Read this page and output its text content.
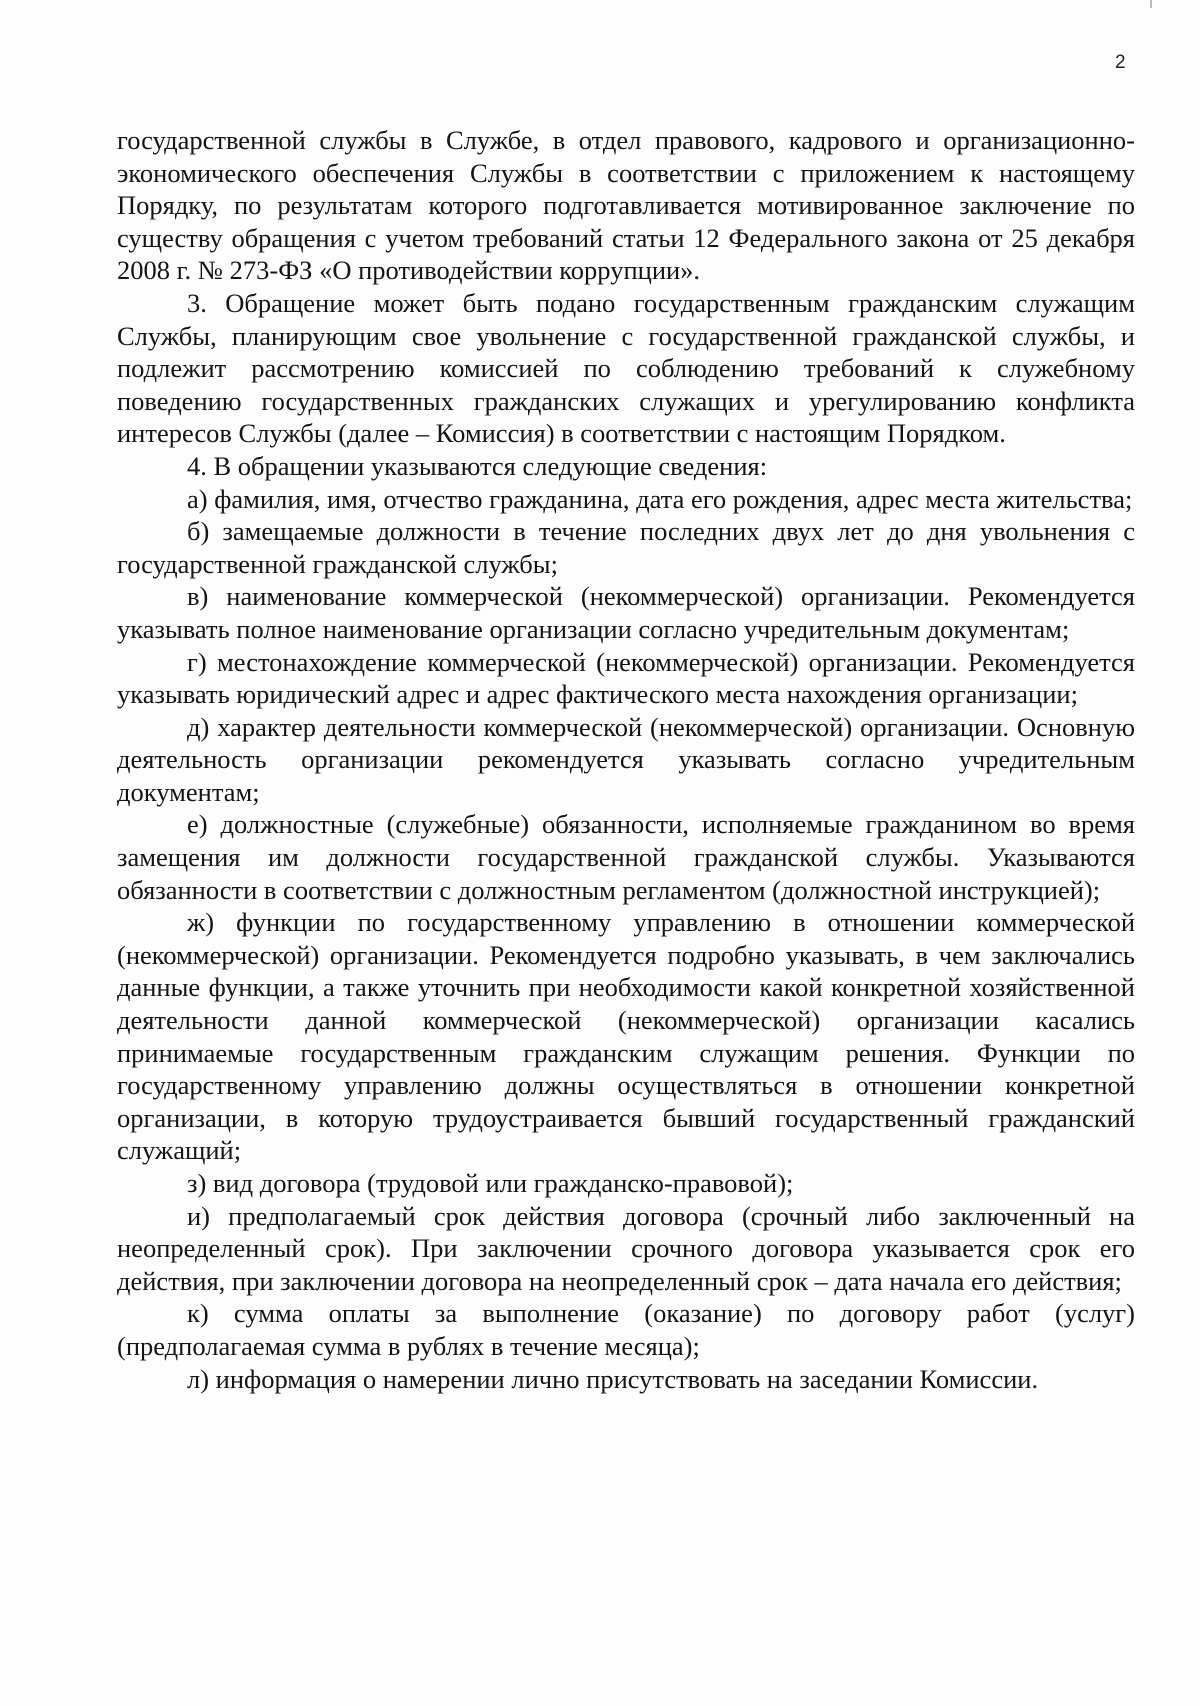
2

государственной службы в Службе, в отдел правового, кадрового и организационно-экономического обеспечения Службы в соответствии с приложением к настоящему Порядку, по результатам которого подготавливается мотивированное заключение по существу обращения с учетом требований статьи 12 Федерального закона от 25 декабря 2008 г. № 273-ФЗ «О противодействии коррупции».

3. Обращение может быть подано государственным гражданским служащим Службы, планирующим свое увольнение с государственной гражданской службы, и подлежит рассмотрению комиссией по соблюдению требований к служебному поведению государственных гражданских служащих и урегулированию конфликта интересов Службы (далее – Комиссия) в соответствии с настоящим Порядком.

4. В обращении указываются следующие сведения:

а) фамилия, имя, отчество гражданина, дата его рождения, адрес места жительства;

б) замещаемые должности в течение последних двух лет до дня увольнения с государственной гражданской службы;

в) наименование коммерческой (некоммерческой) организации. Рекомендуется указывать полное наименование организации согласно учредительным документам;

г) местонахождение коммерческой (некоммерческой) организации. Рекомендуется указывать юридический адрес и адрес фактического места нахождения организации;

д) характер деятельности коммерческой (некоммерческой) организации. Основную деятельность организации рекомендуется указывать согласно учредительным документам;

е) должностные (служебные) обязанности, исполняемые гражданином во время замещения им должности государственной гражданской службы. Указываются обязанности в соответствии с должностным регламентом (должностной инструкцией);

ж) функции по государственному управлению в отношении коммерческой (некоммерческой) организации. Рекомендуется подробно указывать, в чем заключались данные функции, а также уточнить при необходимости какой конкретной хозяйственной деятельности данной коммерческой (некоммерческой) организации касались принимаемые государственным гражданским служащим решения. Функции по государственному управлению должны осуществляться в отношении конкретной организации, в которую трудоустраивается бывший государственный гражданский служащий;

з) вид договора (трудовой или гражданско-правовой);

и) предполагаемый срок действия договора (срочный либо заключенный на неопределенный срок). При заключении срочного договора указывается срок его действия, при заключении договора на неопределенный срок – дата начала его действия;

к) сумма оплаты за выполнение (оказание) по договору работ (услуг) (предполагаемая сумма в рублях в течение месяца);

л) информация о намерении лично присутствовать на заседании Комиссии.
